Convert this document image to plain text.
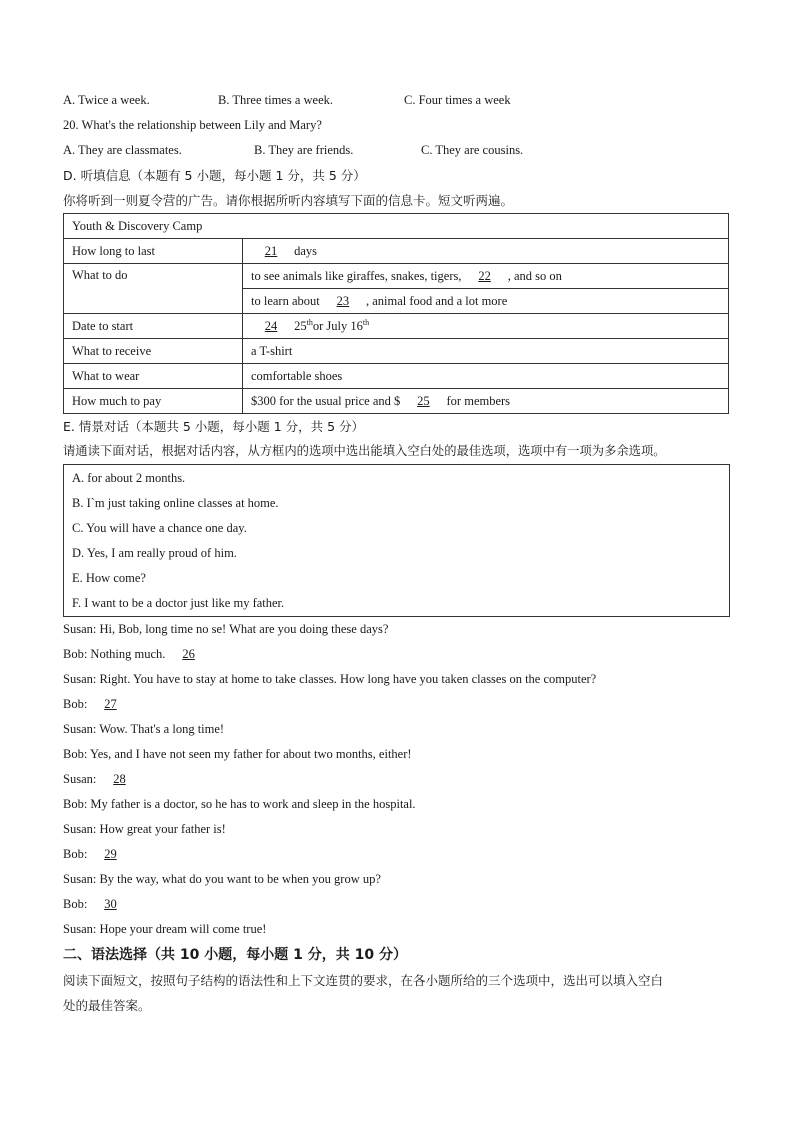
A. Twice a week.	B. Three times a week.	C. Four times a week
20. What's the relationship between Lily and Mary?
A. They are classmates.	B. They are friends.	C. They are cousins.
D. 听填信息（本题有 5 小题，每小题 1 分，共 5 分）
你将听到一则夏令营的广告。请你根据所听内容填写下面的信息卡。短文听两遍。
Youth & Discovery Camp	
How long to last	21 days
What to do	to see animals like giraffes, snakes, tigers, 22 , and so on
	to learn about 23 , animal food and a lot more
Date to start	24 25thor July 16th
What to receive	a T-shirt
What to wear	comfortable shoes
How much to pay	$300 for the usual price and $ 25 for members
E. 情景对话（本题共 5 小题，每小题 1 分，共 5 分）
请通读下面对话，根据对话内容，从方框内的选项中选出能填入空白处的最佳选项，选项中有一项为多余选项。
A. for about 2 months.
B. I`m just taking online classes at home.
C. You will have a chance one day.
D. Yes, I am really proud of him.
E. How come?
F. I want to be a doctor just like my father.
Susan: Hi, Bob, long time no se! What are you doing these days?
Bob: Nothing much. 26
Susan: Right. You have to stay at home to take classes. How long have you taken classes on the computer?
Bob: 27
Susan: Wow. That's a long time!
Bob: Yes, and I have not seen my father for about two months, either!
Susan: 28
Bob: My father is a doctor, so he has to work and sleep in the hospital.
Susan: How great your father is!
Bob: 29
Susan: By the way, what do you want to be when you grow up?
Bob: 30
Susan: Hope your dream will come true!
二、语法选择（共 10 小题，每小题 1 分，共 10 分）
阅读下面短文，按照句子结构的语法性和上下文连贯的要求，在各小题所给的三个选项中，选出可以填入空白
处的最佳答案。
